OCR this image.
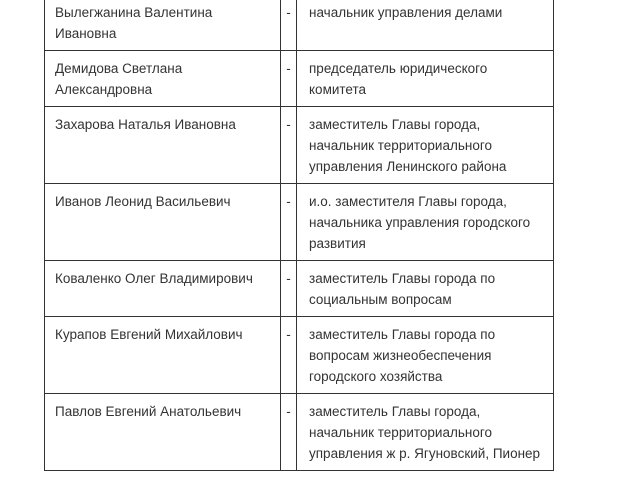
Вылегжанина Валентина Ивановна	-	начальник управления делами
Демидова Светлана Александровна	-	председатель юридического комитета
Захарова Наталья Ивановна	-	заместитель Главы города, начальник территориального управления Ленинского района
Иванов Леонид Васильевич	-	и.о. заместителя Главы города, начальника управления городского развития
Коваленко Олег Владимирович	-	заместитель Главы города по социальным вопросам
Курапов Евгений Михайлович	-	заместитель Главы города по вопросам жизнеобеспечения городского хозяйства
Павлов Евгений Анатольевич	-	заместитель Главы города, начальник территориального управления ж р. Ягуновский, Пионер
